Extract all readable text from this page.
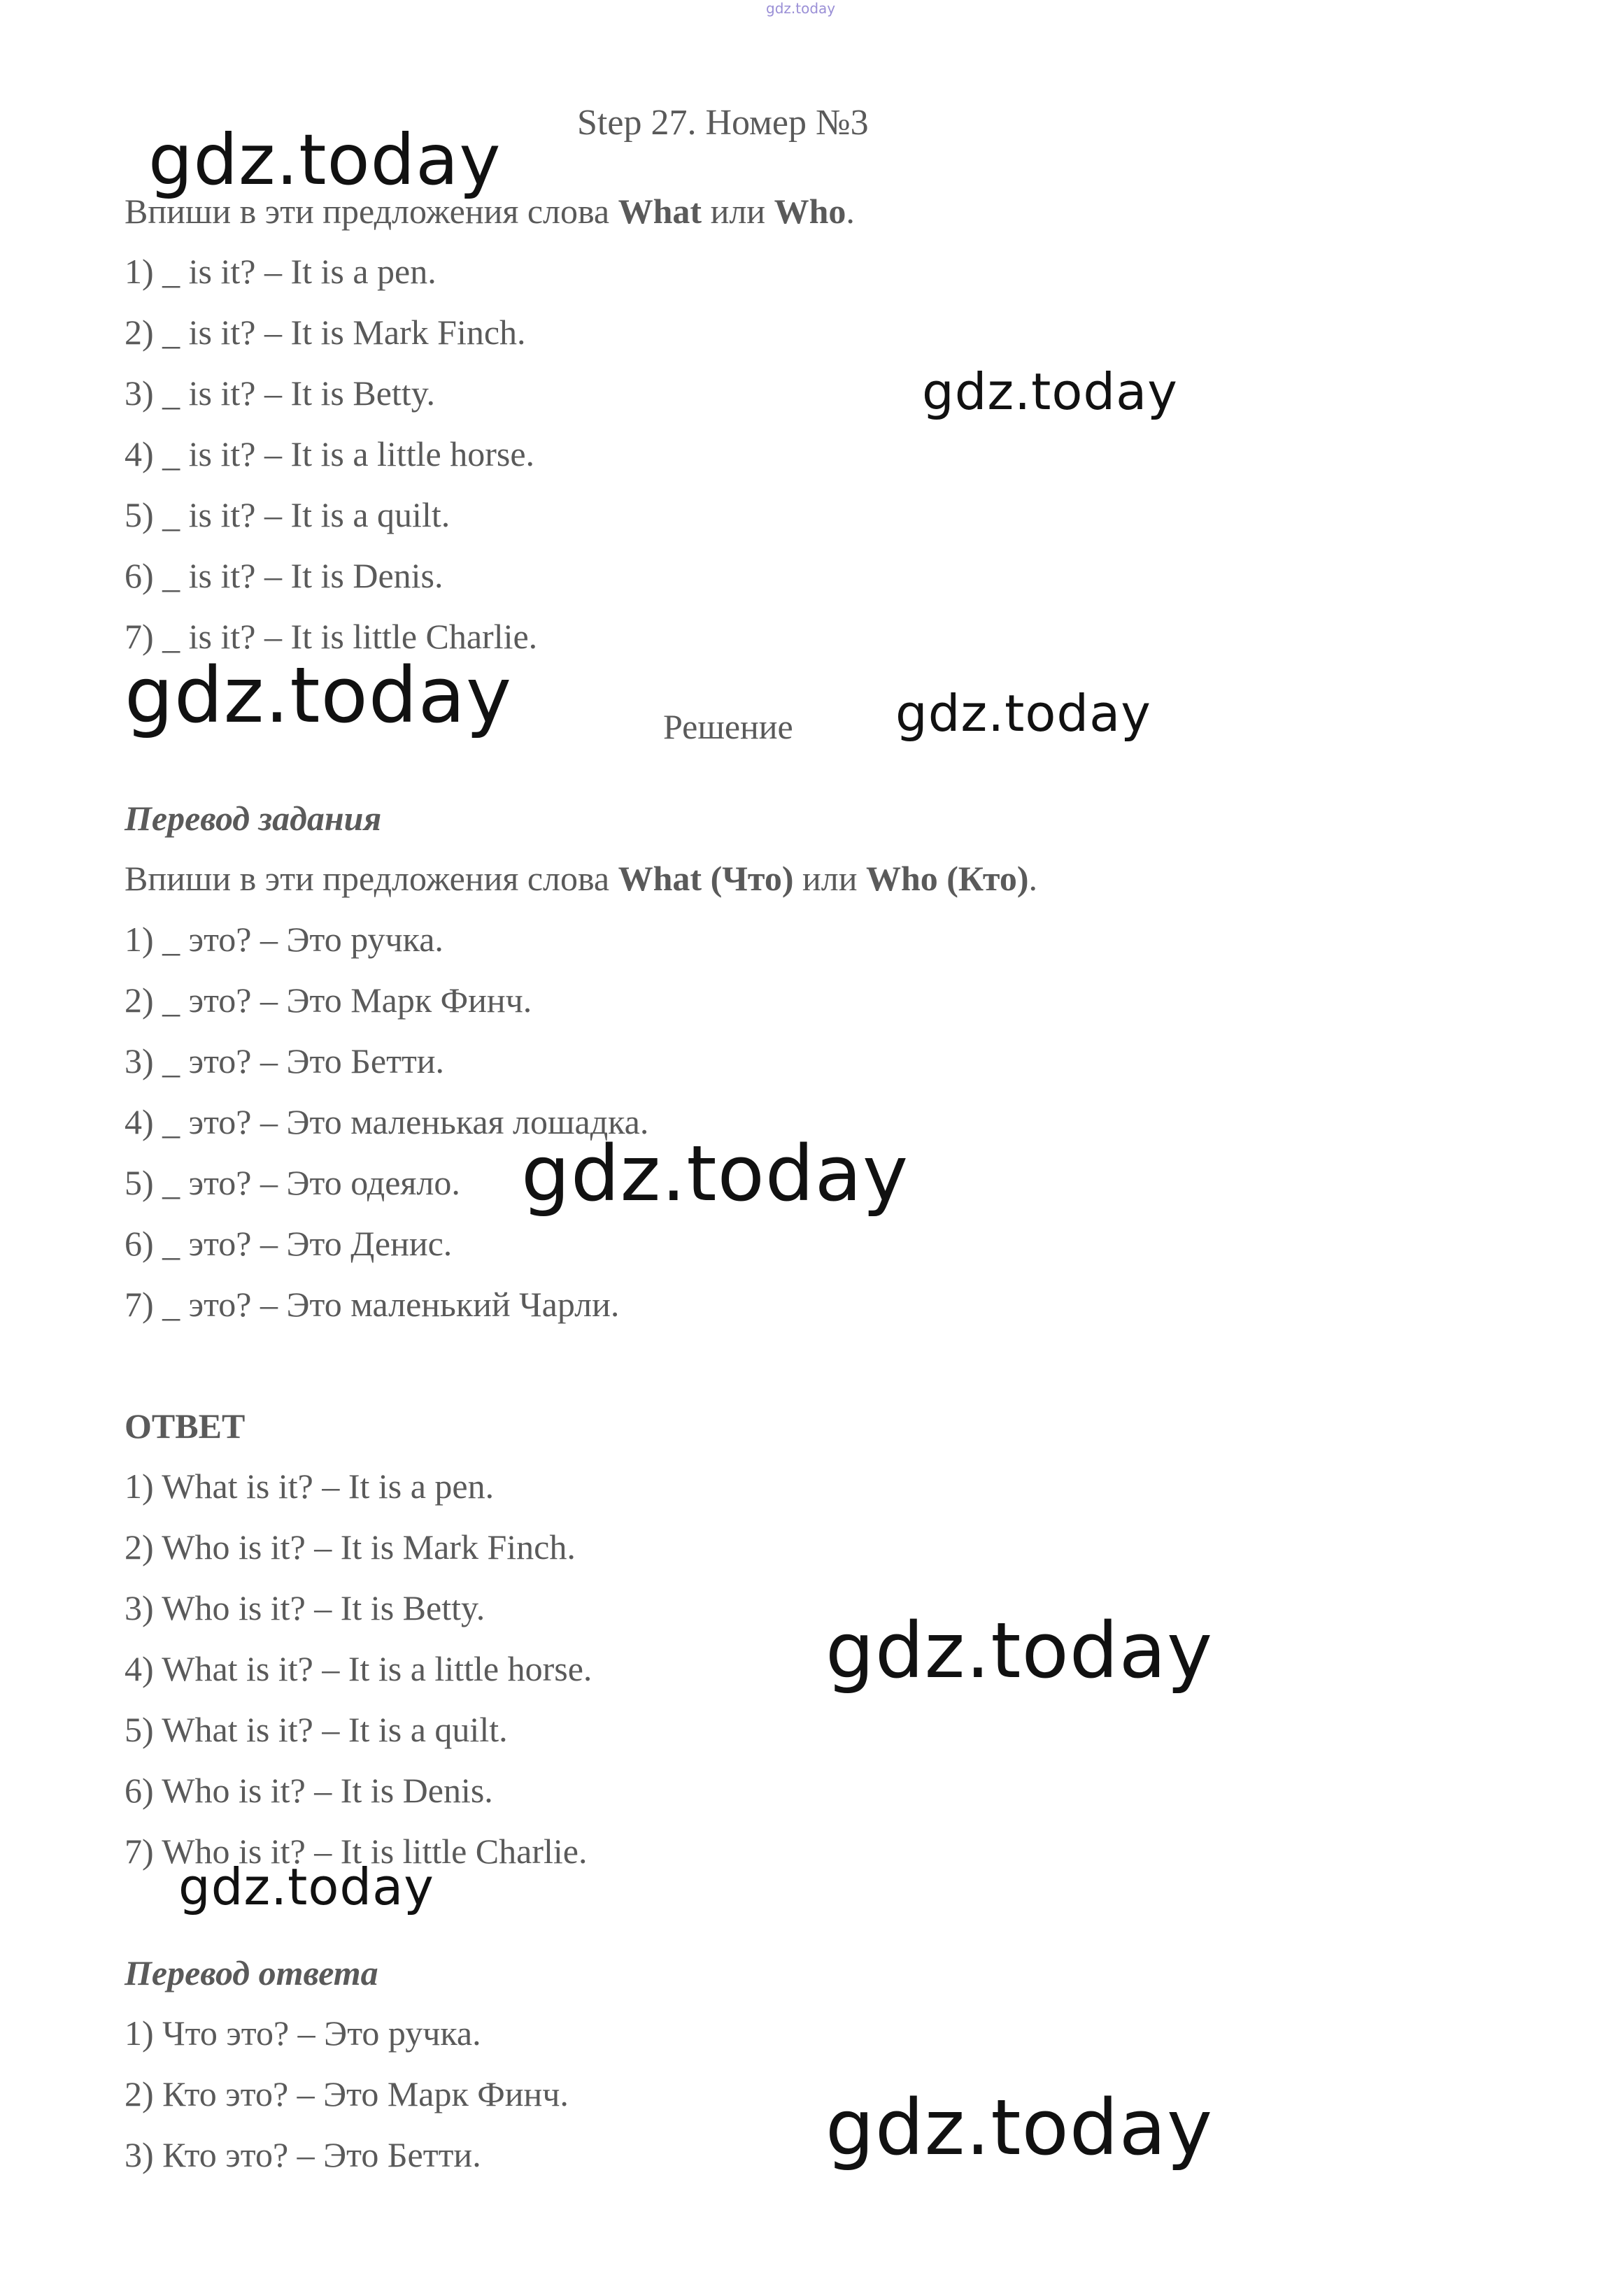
gdz.today
Step 27. Номер №3
Впиши в эти предложения слова What или Who.
1) _ is it? – It is a pen.
2) _ is it? – It is Mark Finch.
3) _ is it? – It is Betty.
4) _ is it? – It is a little horse.
5) _ is it? – It is a quilt.
6) _ is it? – It is Denis.
7) _ is it? – It is little Charlie.
Решение
Перевод задания
Впиши в эти предложения слова What (Что) или Who (Кто).
1) _ это? – Это ручка.
2) _ это? – Это Марк Финч.
3) _ это? – Это Бетти.
4) _ это? – Это маленькая лошадка.
5) _ это? – Это одеяло.
6) _ это? – Это Денис.
7) _ это? – Это маленький Чарли.
ОТВЕТ
1) What is it? – It is a pen.
2) Who is it? – It is Mark Finch.
3) Who is it? – It is Betty.
4) What is it? – It is a little horse.
5) What is it? – It is a quilt.
6) Who is it? – It is Denis.
7) Who is it? – It is little Charlie.
Перевод ответа
1) Что это? – Это ручка.
2) Кто это? – Это Марк Финч.
3) Кто это? – Это Бетти.
gdz.today
gdz.today
gdz.today	gdz.today
gdz.today
gdz.today
gdz.today
gdz.today
